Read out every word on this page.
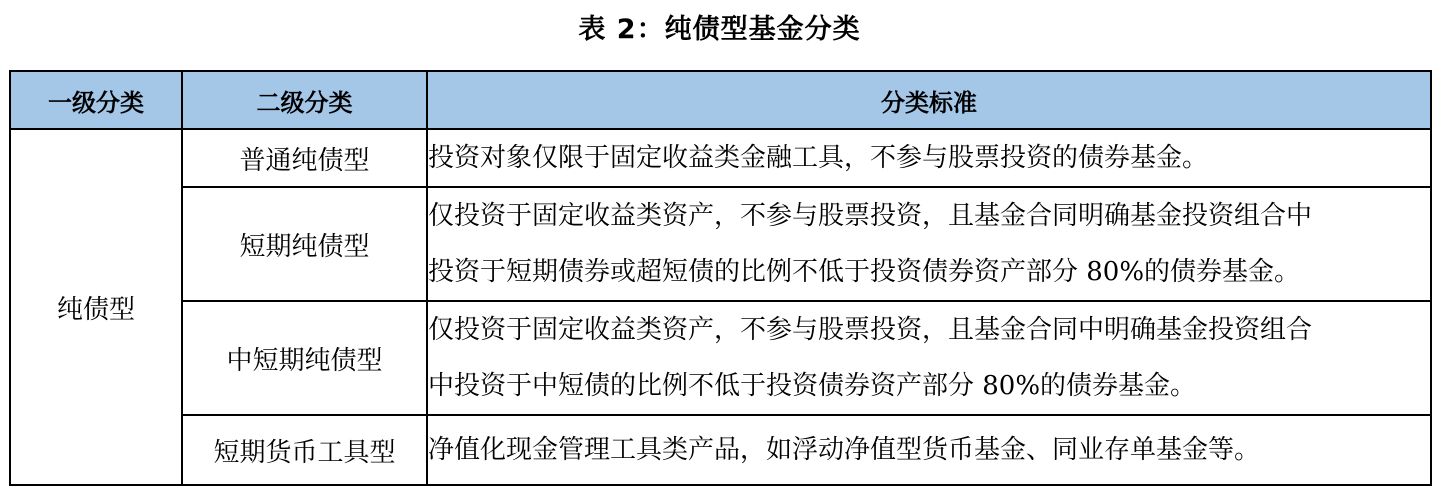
表 2：纯债型基金分类
一级分类	二级分类	分类标准
纯债型	普通纯债型	投资对象仅限于固定收益类金融工具，不参与股票投资的债券基金。

	短期纯债型	仅投资于固定收益类资产，不参与股票投资，且基金合同明确基金投资组合中
投资于短期债券或超短债的比例不低于投资债券资产部分 80%的债券基金。

	中短期纯债型	仅投资于固定收益类资产，不参与股票投资，且基金合同中明确基金投资组合
中投资于中短债的比例不低于投资债券资产部分 80%的债券基金。

	短期货币工具型	净值化现金管理工具类产品，如浮动净值型货币基金、同业存单基金等。
